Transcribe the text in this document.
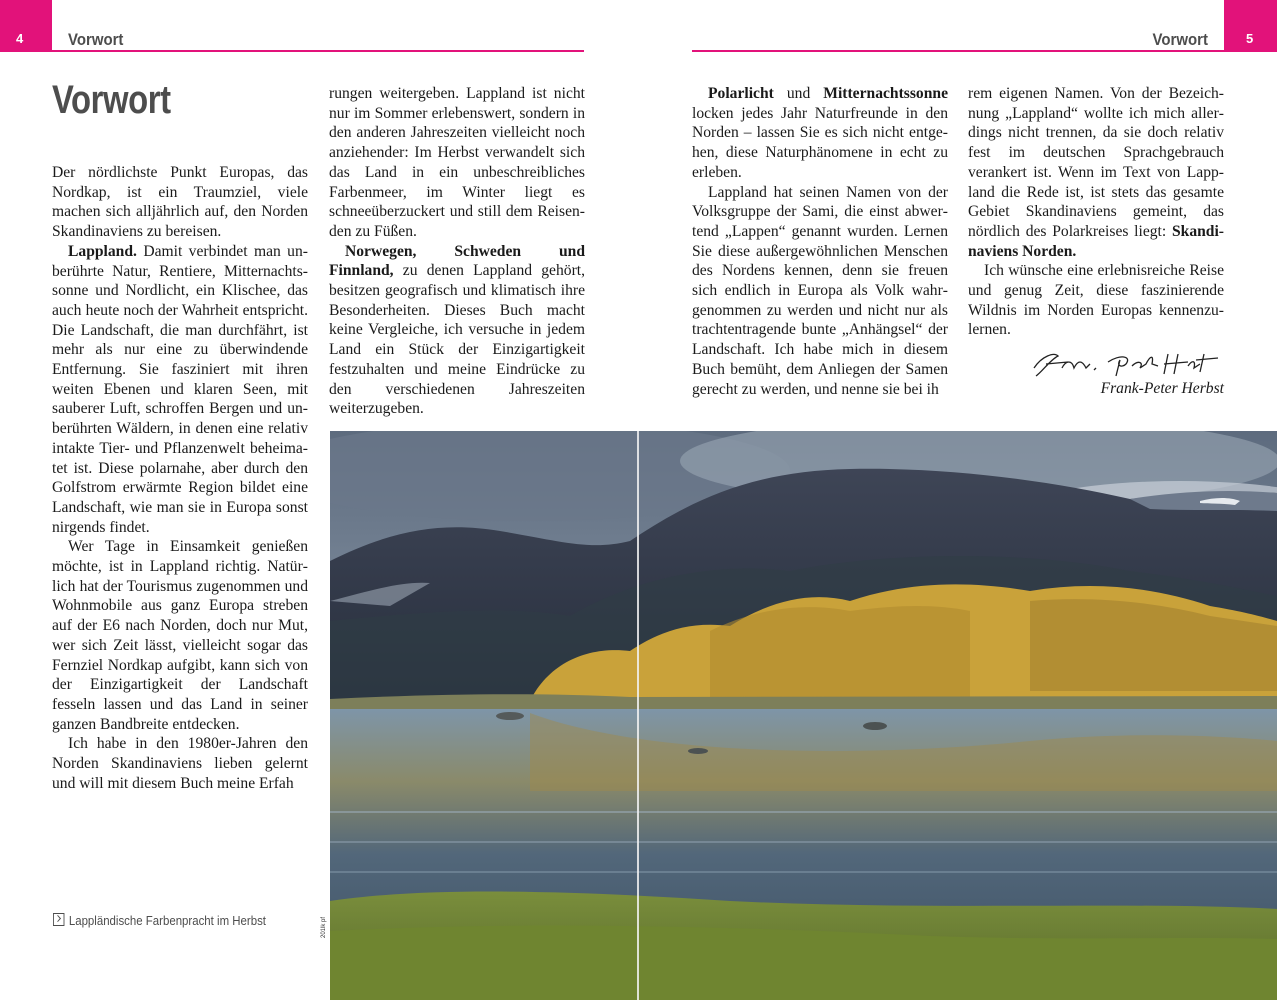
4	5
Vorwort	Vorwort
Vorwort

Der nördlichste Punkt Europas, das Nordkap, ist ein Traumziel, viele machen sich alljährlich auf, den Norden Skandinaviens zu bereisen.

Lappland. Damit verbindet man unberührte Natur, Rentiere, Mitternachtssonne und Nordlicht, ein Klischee, das auch heute noch der Wahrheit entspricht. Die Landschaft, die man durchfährt, ist mehr als nur eine zu überwindende Entfernung. Sie fasziniert mit ihren weiten Ebenen und klaren Seen, mit sauberer Luft, schroffen Bergen und unberührten Wäldern, in denen eine relativ intakte Tier- und Pflanzenwelt beheimatet ist. Diese polarnahe, aber durch den Golfstrom erwärmte Region bildet eine Landschaft, wie man sie in Europa sonst nirgends findet.

Wer Tage in Einsamkeit genießen möchte, ist in Lappland richtig. Natürlich hat der Tourismus zugenommen und Wohnmobile aus ganz Europa streben auf der E6 nach Norden, doch nur Mut, wer sich Zeit lässt, vielleicht sogar das Fernziel Nordkap aufgibt, kann sich von der Einzigartigkeit der Landschaft fesseln lassen und das Land in seiner ganzen Bandbreite entdecken.

Ich habe in den 1980er-Jahren den Norden Skandinaviens lieben gelernt und will mit diesem Buch meine Erfah

rungen weitergeben. Lappland ist nicht nur im Sommer erlebenswert, sondern in den anderen Jahreszeiten vielleicht noch anziehender: Im Herbst verwandelt sich das Land in ein unbeschreibliches Farbenmeer, im Winter liegt es schneeüberzuckert und still dem Reisenden zu Füßen.

Norwegen, Schweden und Finnland, zu denen Lappland gehört, besitzen geografisch und klimatisch ihre Besonderheiten. Dieses Buch macht keine Vergleiche, ich versuche in jedem Land ein Stück der Einzigartigkeit festzuhalten und meine Eindrücke zu den verschiedenen Jahreszeiten weiterzugeben.

Polarlicht und Mitternachtssonne locken jedes Jahr Naturfreunde in den Norden – lassen Sie es sich nicht entgehen, diese Naturphänomene in echt zu erleben.

Lappland hat seinen Namen von der Volksgruppe der Sami, die einst abwertend „Lappen“ genannt wurden. Lernen Sie diese außergewöhnlichen Menschen des Nordens kennen, denn sie freuen sich endlich in Europa als Volk wahrgenommen zu werden und nicht nur als trachtentragende bunte „Anhängsel“ der Landschaft. Ich habe mich in diesem Buch bemüht, dem Anliegen der Samen gerecht zu werden, und nenne sie bei ih

rem eigenen Namen. Von der Bezeichnung „Lappland“ wollte ich mich allerdings nicht trennen, da sie doch relativ fest im deutschen Sprachgebrauch verankert ist. Wenn im Text von Lappland die Rede ist, ist stets das gesamte Gebiet Skandinaviens gemeint, das nördlich des Polarkreises liegt: Skandinaviens Norden.

Ich wünsche eine erlebnisreiche Reise und genug Zeit, diese faszinierende Wildnis im Norden Europas kennenzulernen.

Frank-Peter Herbst
Lappländische Farbenpracht im Herbst	201lk pf
